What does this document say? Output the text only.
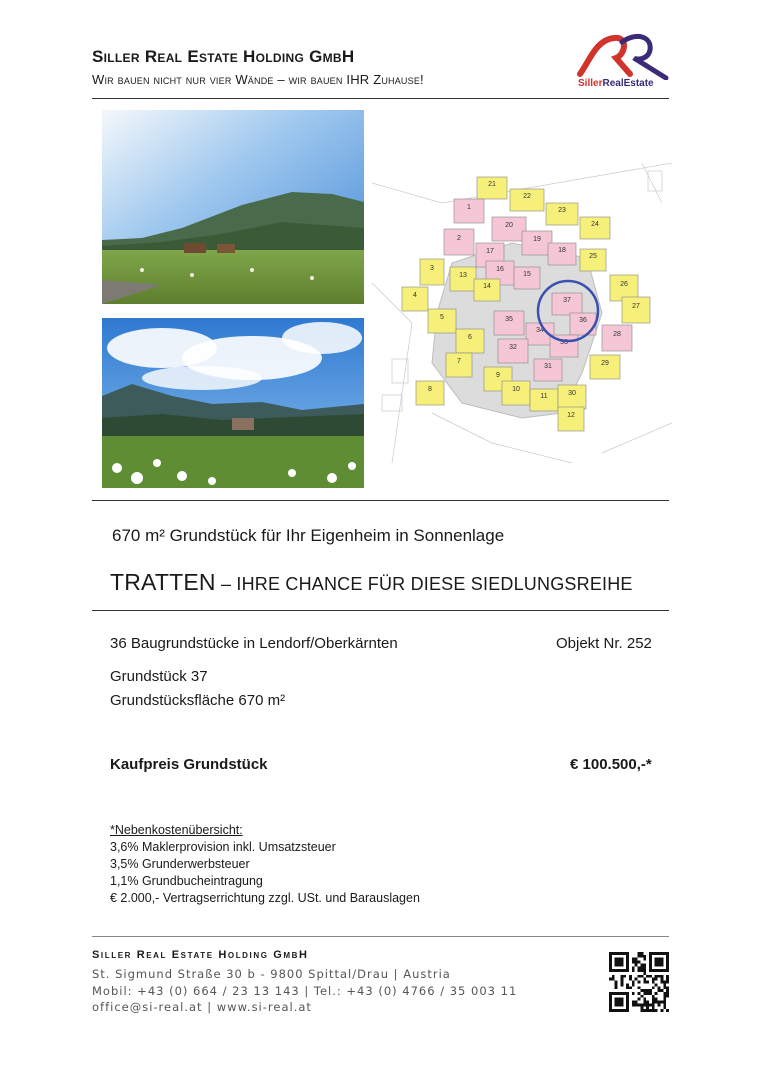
Siller Real Estate Holding GmbH
Wir bauen nicht nur vier Wände – wir bauen IHR Zuhause!	SillerRealEstate
21
22
23
24
1
20
19
18
2
17
16
15
25
3
13
14
37
26
27
4
5	35
34
36
33
28
6
32
7
31	29
9
10
11	30
8
12
670 m² Grundstück für Ihr Eigenheim in Sonnenlage
TRATTEN – IHRE CHANCE FÜR DIESE SIEDLUNGSREIHE
36 Baugrundstücke in Lendorf/Oberkärnten	Objekt Nr. 252
Grundstück 37
Grundstücksfläche 670 m²
Kaufpreis Grundstück	€ 100.500,-*
*Nebenkostenübersicht:
3,6% Maklerprovision inkl. Umsatzsteuer
3,5% Grunderwerbsteuer
1,1% Grundbucheintragung
€ 2.000,- Vertragserrichtung zzgl. USt. und Barauslagen
Siller Real Estate Holding GmbH
St. Sigmund Straße 30 b - 9800 Spittal/Drau | Austria
Mobil: +43 (0) 664 / 23 13 143 | Tel.: +43 (0) 4766 / 35 003 11
office@si-real.at | www.si-real.at
